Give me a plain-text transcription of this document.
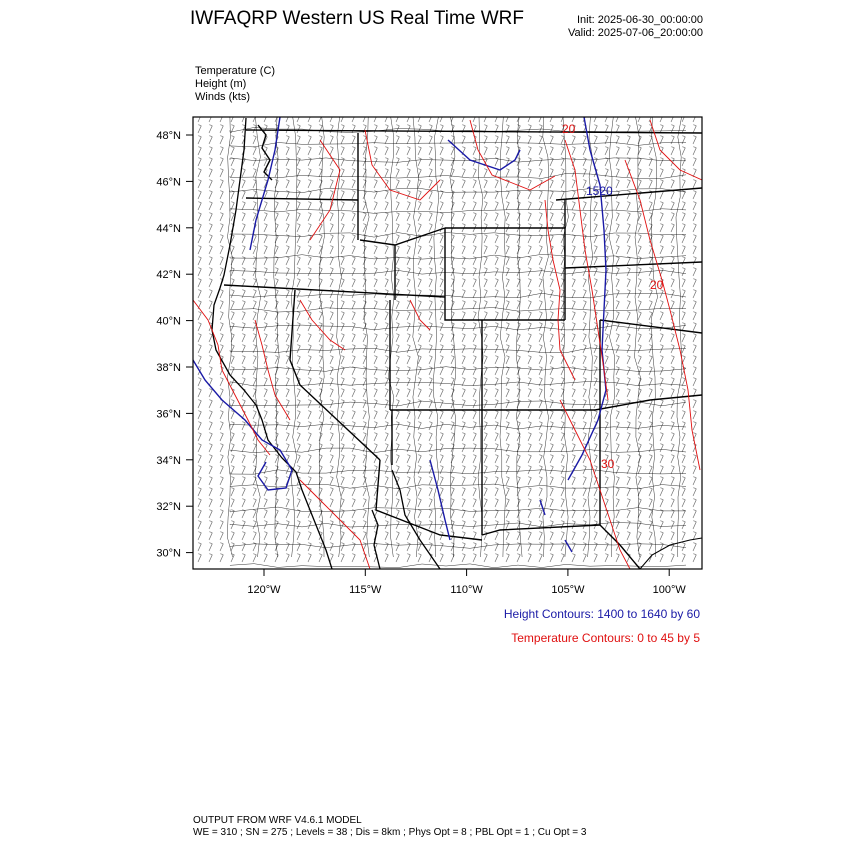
IWFAQRP Western US Real Time WRF	Init: 2025-06-30_00:00:00
Valid: 2025-07-06_20:00:00
Temperature (C)
Height (m)
Winds (kts)
1520
20
20
30
48°N
46°N
44°N
42°N
40°N
38°N
36°N
34°N
32°N
30°N
120°W	115°W	110°W	105°W	100°W
Height Contours: 1400 to 1640 by 60
Temperature Contours: 0 to 45 by 5
OUTPUT FROM WRF V4.6.1 MODEL
WE = 310 ; SN = 275 ; Levels = 38 ; Dis = 8km ; Phys Opt = 8 ; PBL Opt = 1 ; Cu Opt = 3
